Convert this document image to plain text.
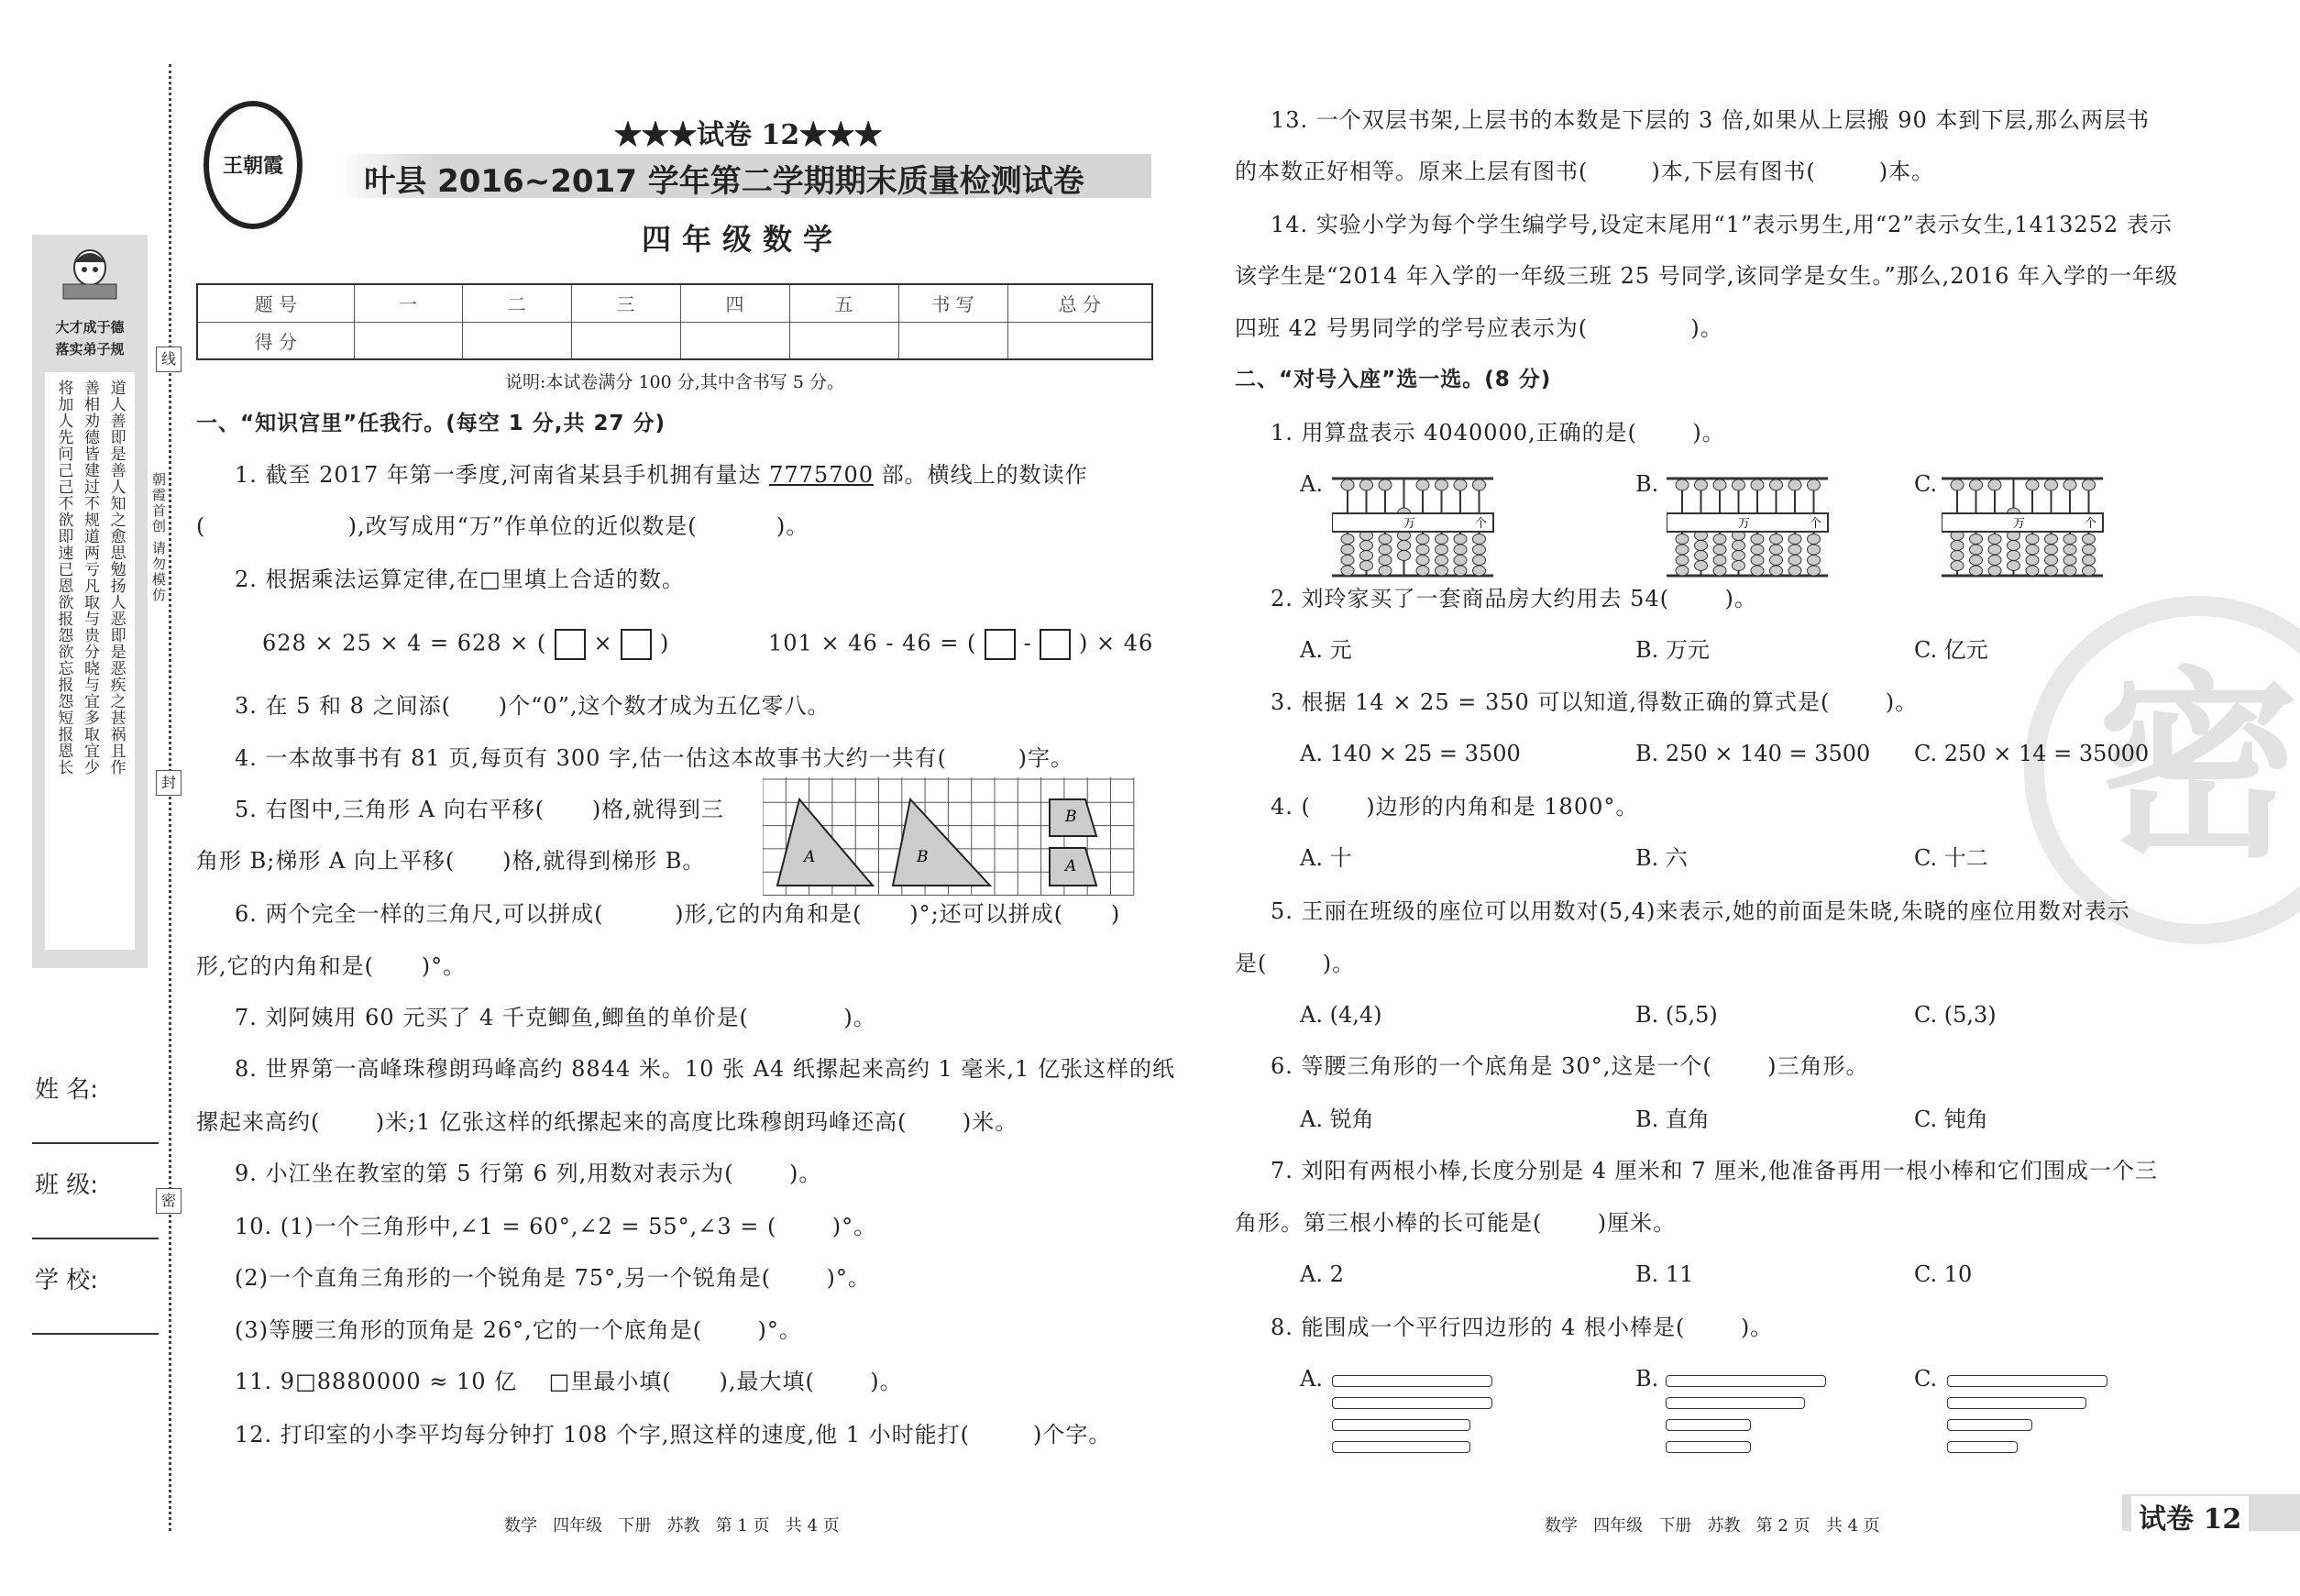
大才成于德
落实弟子规
道人善即是善人知之愈思勉扬人恶即是恶疾之甚祸且作
善相劝德皆建过不规道两亏凡取与贵分晓与宜多取宜少
将加人先问己己不欲即速已恩欲报怨欲忘报怨短报恩长
线
封
密
朝霞首创 请勿模仿
姓 名:
班 级:
学 校:
王朝霞
★★★试卷 12★★★
叶县 2016~2017 学年第二学期期末质量检测试卷
四年级数学
题 号	一	二	三	四	五	书 写	总 分
得 分							
说明:本试卷满分 100 分,其中含书写 5 分。
一、“知识宫里”任我行。(每空 1 分,共 27 分)
1. 截至 2017 年第一季度,河南省某县手机拥有量达 7775700 部。横线上的数读作
(                  ),改写成用“万”作单位的近似数是(          )。
2. 根据乘法运算定律,在□里填上合适的数。
628 × 25 × 4 = 628 × ( × )	101 × 46 - 46 = ( - ) × 46
3. 在 5 和 8 之间添(      )个“0”,这个数才成为五亿零八。
4. 一本故事书有 81 页,每页有 300 字,估一估这本故事书大约一共有(         )字。
5. 右图中,三角形 A 向右平移(      )格,就得到三
角形 B;梯形 A 向上平移(      )格,就得到梯形 B。	A	B
B
A
6. 两个完全一样的三角尺,可以拼成(         )形,它的内角和是(      )°;还可以拼成(      )
形,它的内角和是(      )°。
7. 刘阿姨用 60 元买了 4 千克鲫鱼,鲫鱼的单价是(            )。
8. 世界第一高峰珠穆朗玛峰高约 8844 米。10 张 A4 纸摞起来高约 1 毫米,1 亿张这样的纸
摞起来高约(       )米;1 亿张这样的纸摞起来的高度比珠穆朗玛峰还高(       )米。
9. 小江坐在教室的第 5 行第 6 列,用数对表示为(       )。
10. (1)一个三角形中,∠1 = 60°,∠2 = 55°,∠3 = (       )°。
(2)一个直角三角形的一个锐角是 75°,另一个锐角是(       )°。
(3)等腰三角形的顶角是 26°,它的一个底角是(       )°。
11. 9□8880000 ≈ 10 亿    □里最小填(      ),最大填(       )。
12. 打印室的小李平均每分钟打 108 个字,照这样的速度,他 1 小时能打(        )个字。
密
13. 一个双层书架,上层书的本数是下层的 3 倍,如果从上层搬 90 本到下层,那么两层书
的本数正好相等。原来上层有图书(        )本,下层有图书(        )本。
14. 实验小学为每个学生编学号,设定末尾用“1”表示男生,用“2”表示女生,1413252 表示
该学生是“2014 年入学的一年级三班 25 号同学,该同学是女生。”那么,2016 年入学的一年级
四班 42 号男同学的学号应表示为(             )。
二、“对号入座”选一选。(8 分)
1. 用算盘表示 4040000,正确的是(       )。
A.	B.	C.
2. 刘玲家买了一套商品房大约用去 54(       )。
A. 元	B. 万元	C. 亿元
3. 根据 14 × 25 = 350 可以知道,得数正确的算式是(       )。
A. 140 × 25 = 3500	B. 250 × 140 = 3500 C. 250 × 14 = 35000
4. (       )边形的内角和是 1800°。
A. 十	B. 六	C. 十二
5. 王丽在班级的座位可以用数对(5,4)来表示,她的前面是朱晓,朱晓的座位用数对表示
是(       )。
A. (4,4)	B. (5,5)	C. (5,3)
6. 等腰三角形的一个底角是 30°,这是一个(       )三角形。
A. 锐角	B. 直角	C. 钝角
7. 刘阳有两根小棒,长度分别是 4 厘米和 7 厘米,他准备再用一根小棒和它们围成一个三
角形。第三根小棒的长可能是(       )厘米。
A. 2	B. 11	C. 10
8. 能围成一个平行四边形的 4 根小棒是(       )。
A.	B.	C.
数学   四年级   下册   苏教   第 1 页   共 4 页	数学   四年级   下册   苏教   第 2 页   共 4 页	试卷 12
万	个	万	个	万	个
